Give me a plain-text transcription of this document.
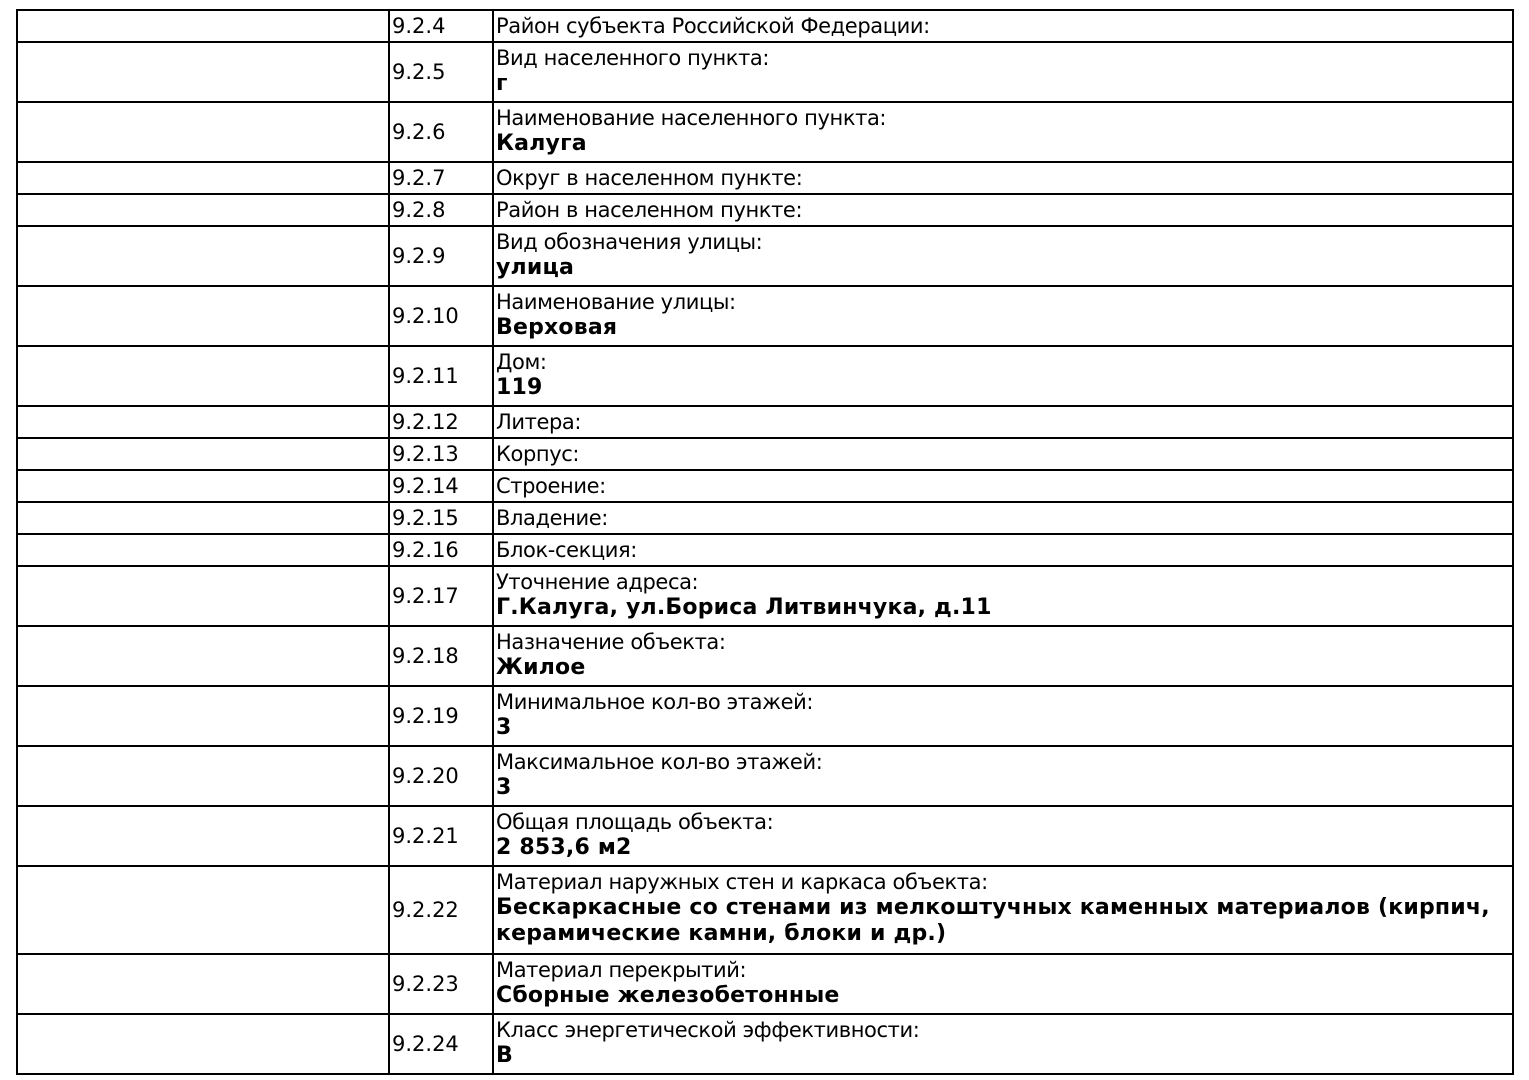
	9.2.4	Район субъекта Российской Федерации:

	9.2.5	Вид населенного пункта:
г

	9.2.6	Наименование населенного пункта:
Калуга

	9.2.7	Округ в населенном пункте:

	9.2.8	Район в населенном пункте:

	9.2.9	Вид обозначения улицы:
улица

	9.2.10	Наименование улицы:
Верховая

	9.2.11	Дом:
119

	9.2.12	Литера:

	9.2.13	Корпус:

	9.2.14	Строение:

	9.2.15	Владение:

	9.2.16	Блок-секция:

	9.2.17	Уточнение адреса:
Г.Калуга, ул.Бориса Литвинчука, д.11

	9.2.18	Назначение объекта:
Жилое

	9.2.19	Минимальное кол-во этажей:
3

	9.2.20	Максимальное кол-во этажей:
3

	9.2.21	Общая площадь объекта:
2 853,6 м2

	9.2.22	Материал наружных стен и каркаса объекта:
Бескаркасные со стенами из мелкоштучных каменных материалов (кирпич, керамические камни, блоки и др.)

	9.2.23	Материал перекрытий:
Сборные железобетонные

	9.2.24	Класс энергетической эффективности:
В
